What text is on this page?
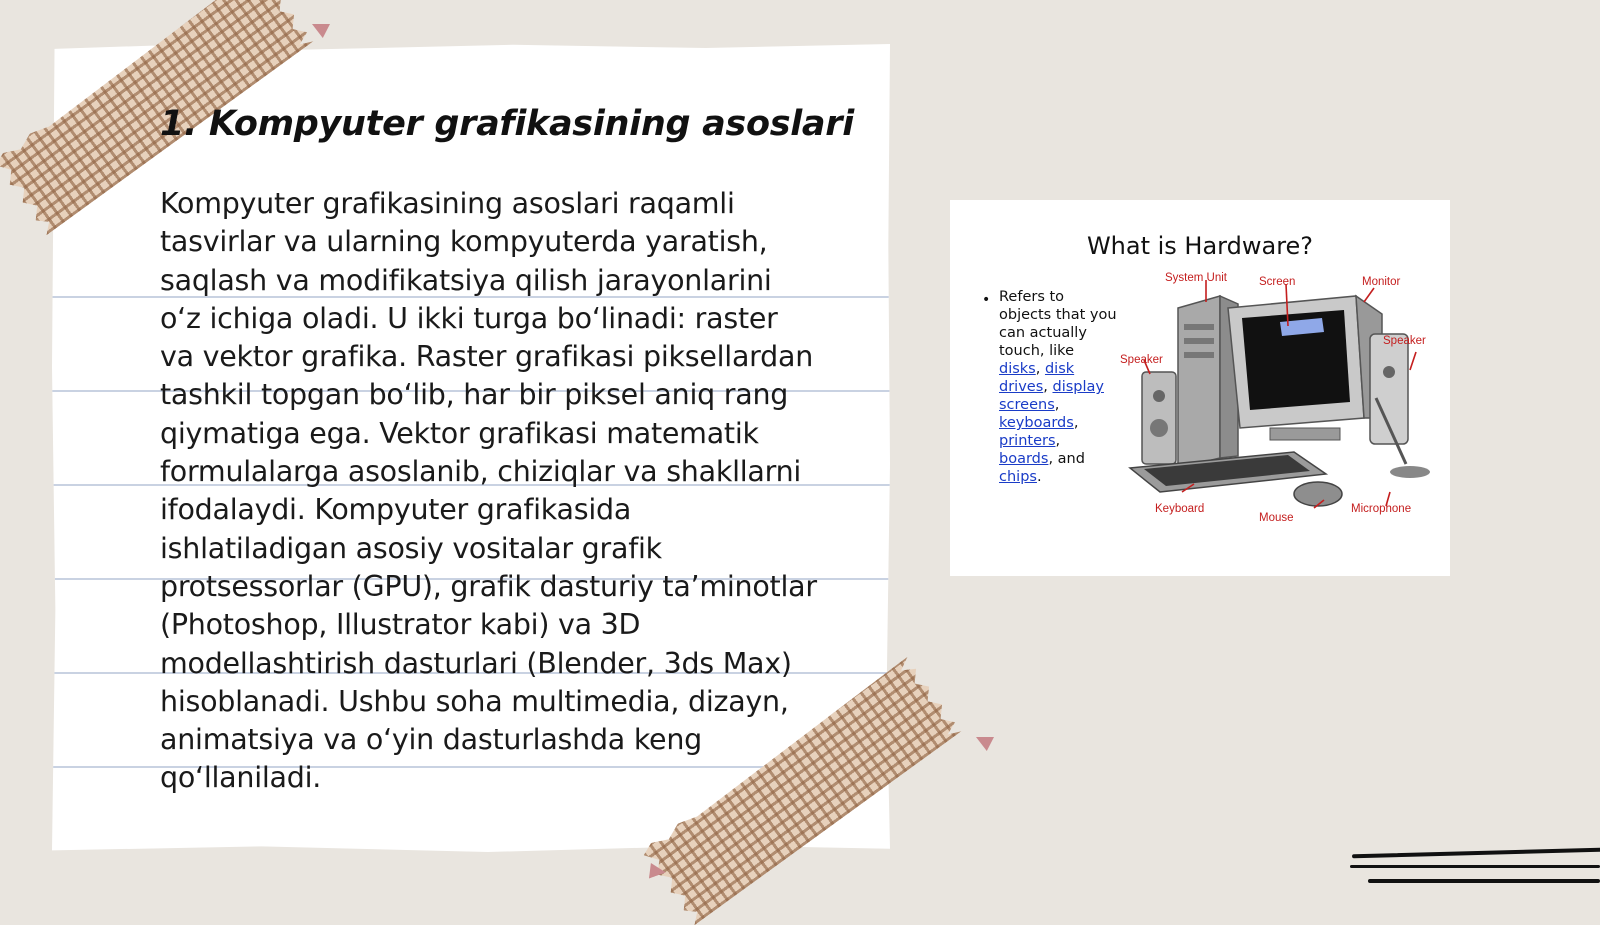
1. Kompyuter grafikasining asoslari

Kompyuter grafikasining asoslari raqamli tasvirlar va ularning kompyuterda yaratish, saqlash va modifikatsiya qilish jarayonlarini o‘z ichiga oladi. U ikki turga bo‘linadi: raster va vektor grafika. Raster grafikasi piksellardan tashkil topgan bo‘lib, har bir piksel aniq rang qiymatiga ega. Vektor grafikasi matematik formulalarga asoslanib, chiziqlar va shakllarni ifodalaydi. Kompyuter grafikasida ishlatiladigan asosiy vositalar grafik protsessorlar (GPU), grafik dasturiy ta’minotlar (Photoshop, Illustrator kabi) va 3D modellashtirish dasturlari (Blender, 3ds Max) hisoblanadi. Ushbu soha multimedia, dizayn, animatsiya va o‘yin dasturlashda keng qo‘llaniladi.

What is Hardware?
• Refers to objects that you can actually touch, like disks, disk drives, display screens, keyboards, printers, boards, and chips.
System Unit	Screen	Monitor
Speaker
Speaker
Keyboard
Mouse
Microphone
